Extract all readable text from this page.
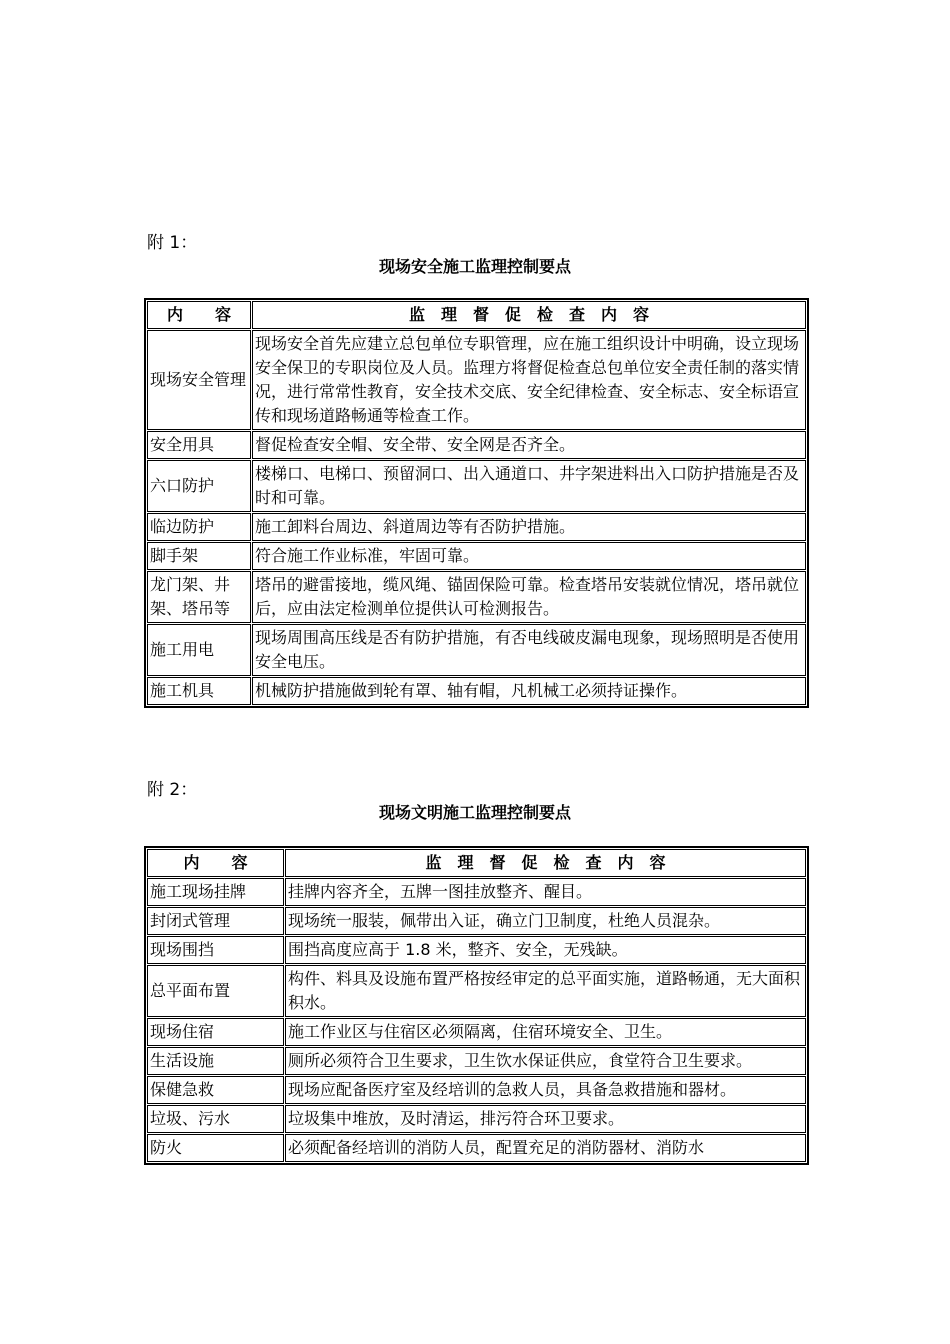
附 1：
现场安全施工监理控制要点
内　　容	监　理　督　促　检　查　内　容
现场安全管理	现场安全首先应建立总包单位专职管理，应在施工组织设计中明确，设立现场安全保卫的专职岗位及人员。监理方将督促检查总包单位安全责任制的落实情况，进行常常性教育，安全技术交底、安全纪律检查、安全标志、安全标语宣传和现场道路畅通等检查工作。
安全用具	督促检查安全帽、安全带、安全网是否齐全。
六口防护	楼梯口、电梯口、预留洞口、出入通道口、井字架进料出入口防护措施是否及时和可靠。
临边防护	施工卸料台周边、斜道周边等有否防护措施。
脚手架	符合施工作业标准，牢固可靠。
龙门架、井架、塔吊等	塔吊的避雷接地，缆风绳、锚固保险可靠。检查塔吊安装就位情况，塔吊就位后，应由法定检测单位提供认可检测报告。
施工用电	现场周围高压线是否有防护措施，有否电线破皮漏电现象，现场照明是否使用安全电压。
施工机具	机械防护措施做到轮有罩、轴有帽，凡机械工必须持证操作。
附 2：
现场文明施工监理控制要点
内　　容	监　理　督　促　检　查　内　容
施工现场挂牌	挂牌内容齐全，五牌一图挂放整齐、醒目。
封闭式管理	现场统一服装，佩带出入证，确立门卫制度，杜绝人员混杂。
现场围挡	围挡高度应高于 1.8 米，整齐、安全，无残缺。
总平面布置	构件、料具及设施布置严格按经审定的总平面实施，道路畅通，无大面积积水。
现场住宿	施工作业区与住宿区必须隔离，住宿环境安全、卫生。
生活设施	厕所必须符合卫生要求，卫生饮水保证供应，食堂符合卫生要求。
保健急救	现场应配备医疗室及经培训的急救人员，具备急救措施和器材。
垃圾、污水	垃圾集中堆放，及时清运，排污符合环卫要求。
防火	必须配备经培训的消防人员，配置充足的消防器材、消防水
